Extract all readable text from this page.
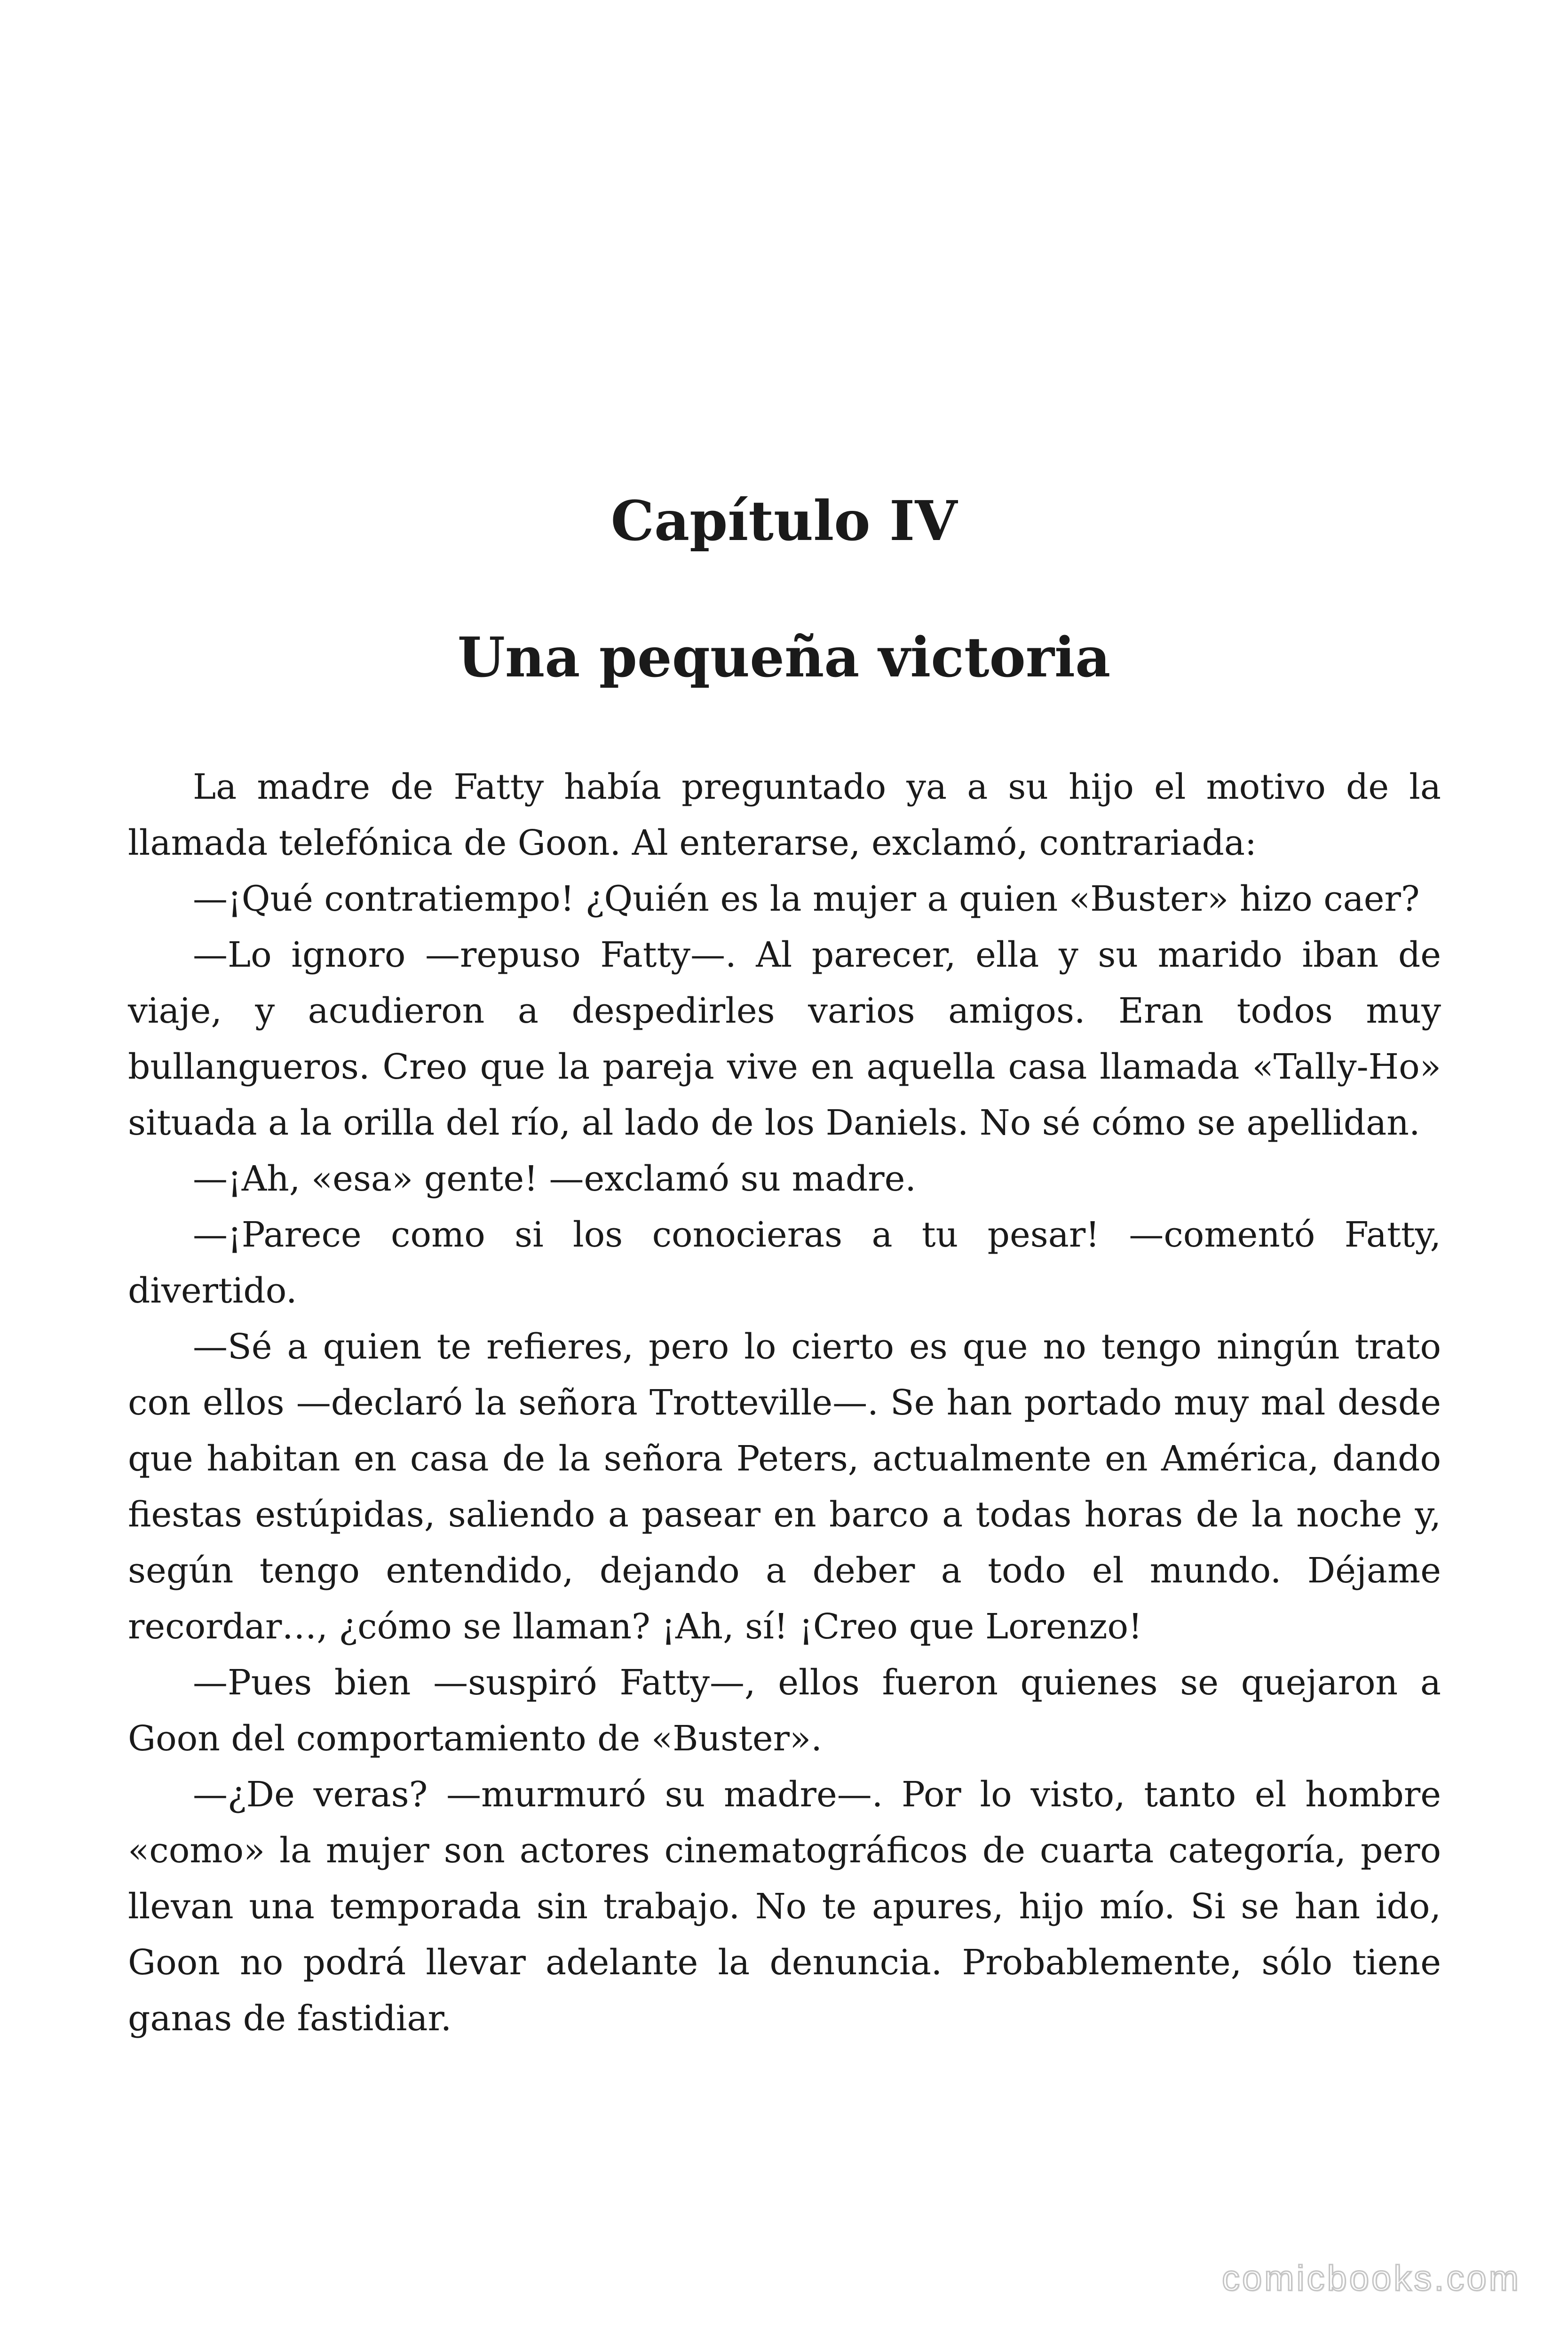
Capítulo IV
Una pequeña victoria

La madre de Fatty había preguntado ya a su hijo el motivo de la llamada telefónica de Goon. Al enterarse, exclamó, contrariada:

—¡Qué contratiempo! ¿Quién es la mujer a quien «Buster» hizo caer?

—Lo ignoro —repuso Fatty—. Al parecer, ella y su marido iban de viaje, y acudieron a despedirles varios amigos. Eran todos muy bullangueros. Creo que la pareja vive en aquella casa llamada «Tally-Ho» situada a la orilla del río, al lado de los Daniels. No sé cómo se apellidan.

—¡Ah, «esa» gente! —exclamó su madre.

—¡Parece como si los conocieras a tu pesar! —comentó Fatty, divertido.

—Sé a quien te refieres, pero lo cierto es que no tengo ningún trato con ellos —declaró la señora Trotteville—. Se han portado muy mal desde que habitan en casa de la señora Peters, actualmente en América, dando fiestas estúpidas, saliendo a pasear en barco a todas horas de la noche y, según tengo entendido, dejando a deber a todo el mundo. Déjame recordar…, ¿cómo se llaman? ¡Ah, sí! ¡Creo que Lorenzo!

—Pues bien —suspiró Fatty—, ellos fueron quienes se quejaron a Goon del comportamiento de «Buster».

—¿De veras? —murmuró su madre—. Por lo visto, tanto el hombre «como» la mujer son actores cinematográficos de cuarta categoría, pero llevan una temporada sin trabajo. No te apures, hijo mío. Si se han ido, Goon no podrá llevar adelante la denuncia. Probablemente, sólo tiene ganas de fastidiar.

comicbooks.com
